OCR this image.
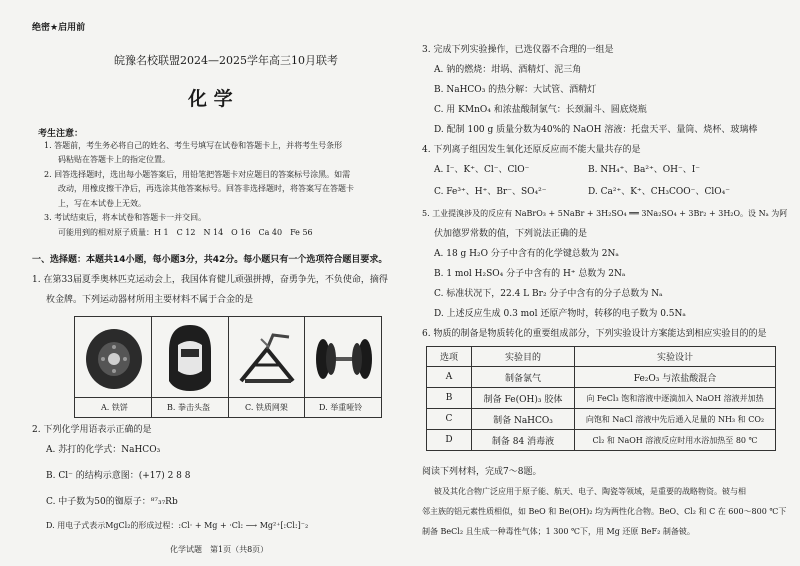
绝密★启用前
皖豫名校联盟2024—2025学年高三10月联考
化 学
考生注意：
1. 答题前，考生务必将自己的姓名、考生号填写在试卷和答题卡上，并将考生号条形
码粘贴在答题卡上的指定位置。
2. 回答选择题时，选出每小题答案后，用铅笔把答题卡对应题目的答案标号涂黑。如需
改动，用橡皮擦干净后，再选涂其他答案标号。回答非选择题时，将答案写在答题卡
上，写在本试卷上无效。
3. 考试结束后，将本试卷和答题卡一并交回。
可能用到的相对原子质量：H 1　C 12　N 14　O 16　Ca 40　Fe 56
一、选择题：本题共14小题，每小题3分，共42分。每小题只有一个选项符合题目要求。
1. 在第33届夏季奥林匹克运动会上，我国体育健儿顽强拼搏，奋勇争先，不负使命，摘得
枚金牌。下列运动器材所用主要材料不属于合金的是
A. 铁饼	B. 拳击头盔	C. 铁质网架	D. 举重哑铃
2. 下列化学用语表示正确的是
A. 苏打的化学式：NaHCO₃
B. Cl⁻ 的结构示意图：(+17) 2 8 8
C. 中子数为50的铷原子：⁸⁷₃₇Rb
D. 用电子式表示MgCl₂的形成过程：:Cl· + Mg + ·Cl: ⟶ Mg²⁺[:Cl:]⁻₂
化学试题　第1页（共8页）
3. 完成下列实验操作，已选仪器不合理的一组是
A. 钠的燃烧：坩埚、酒精灯、泥三角
B. NaHCO₃ 的热分解：大试管、酒精灯
C. 用 KMnO₄ 和浓盐酸制氯气：长颈漏斗、圆底烧瓶
D. 配制 100 g 质量分数为40%的 NaOH 溶液：托盘天平、量筒、烧杯、玻璃棒
4. 下列离子组因发生氧化还原反应而不能大量共存的是
A. I⁻、K⁺、Cl⁻、ClO⁻	B. NH₄⁺、Ba²⁺、OH⁻、I⁻
C. Fe³⁺、H⁺、Br⁻、SO₄²⁻	D. Ca²⁺、K⁺、CH₃COO⁻、ClO₄⁻
5. 工业提溴涉及的反应有 NaBrO₃ + 5NaBr + 3H₂SO₄ ══ 3Na₂SO₄ + 3Br₂ + 3H₂O。设 Nₐ 为阿
伏加德罗常数的值，下列说法正确的是
A. 18 g H₂O 分子中含有的化学键总数为 2Nₐ
B. 1 mol H₂SO₄ 分子中含有的 H⁺ 总数为 2Nₐ
C. 标准状况下，22.4 L Br₂ 分子中含有的分子总数为 Nₐ
D. 上述反应生成 0.3 mol 还原产物时，转移的电子数为 0.5Nₐ
6. 物质的制备是物质转化的重要组成部分，下列实验设计方案能达到相应实验目的的是
选项	实验目的	实验设计
A	制备氯气	Fe₂O₃ 与浓盐酸混合
B	制备 Fe(OH)₃ 胶体	向 FeCl₃ 饱和溶液中逐滴加入 NaOH 溶液并加热
C	制备 NaHCO₃	向饱和 NaCl 溶液中先后通入足量的 NH₃ 和 CO₂
D	制备 84 消毒液	Cl₂ 和 NaOH 溶液反应时用水浴加热至 80 ℃
阅读下列材料，完成7～8题。
铍及其化合物广泛应用于原子能、航天、电子、陶瓷等领域，是重要的战略物资。铍与相
邻主族的铝元素性质相似，如 BeO 和 Be(OH)₂ 均为两性化合物。BeO、Cl₂ 和 C 在 600～800 ℃下
制备 BeCl₂ 且生成一种毒性气体；1 300 ℃下，用 Mg 还原 BeF₂ 制备铍。
